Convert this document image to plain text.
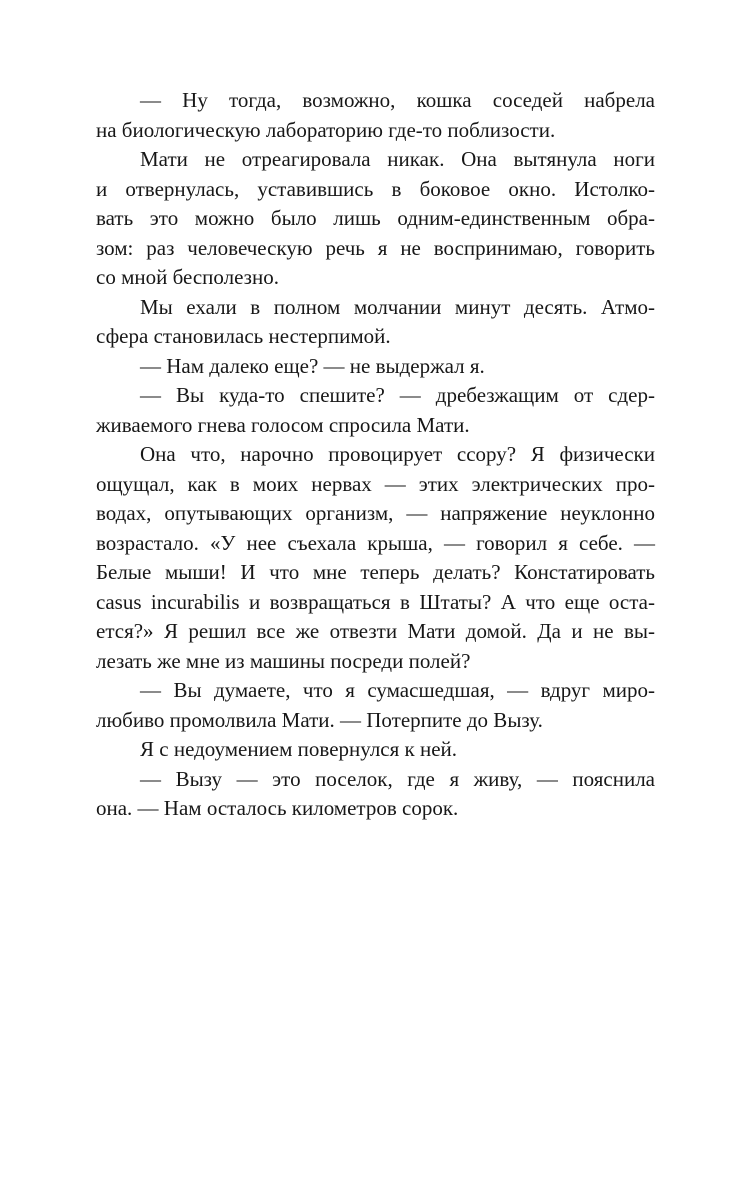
— Ну тогда, возможно, кошка соседей набрела
на биологическую лабораторию где-то поблизости.

Мати не отреагировала никак. Она вытянула ноги
и отвернулась, уставившись в боковое окно. Истолко-
вать это можно было лишь одним-единственным обра-
зом: раз человеческую речь я не воспринимаю, говорить
со мной бесполезно.

Мы ехали в полном молчании минут десять. Атмо-
сфера становилась нестерпимой.

— Нам далеко еще? — не выдержал я.

— Вы куда-то спешите? — дребезжащим от сдер-
живаемого гнева голосом спросила Мати.

Она что, нарочно провоцирует ссору? Я физически
ощущал, как в моих нервах — этих электрических про-
водах, опутывающих организм, — напряжение неуклонно
возрастало. «У нее съехала крыша, — говорил я себе. —
Белые мыши! И что мне теперь делать? Констатировать
casus incurabilis и возвращаться в Штаты? А что еще оста-
ется?» Я решил все же отвезти Мати домой. Да и не вы-
лезать же мне из машины посреди полей?

— Вы думаете, что я сумасшедшая, — вдруг миро-
любиво промолвила Мати. — Потерпите до Вызу.

Я с недоумением повернулся к ней.

— Вызу — это поселок, где я живу, — пояснила
она. — Нам осталось километров сорок.
